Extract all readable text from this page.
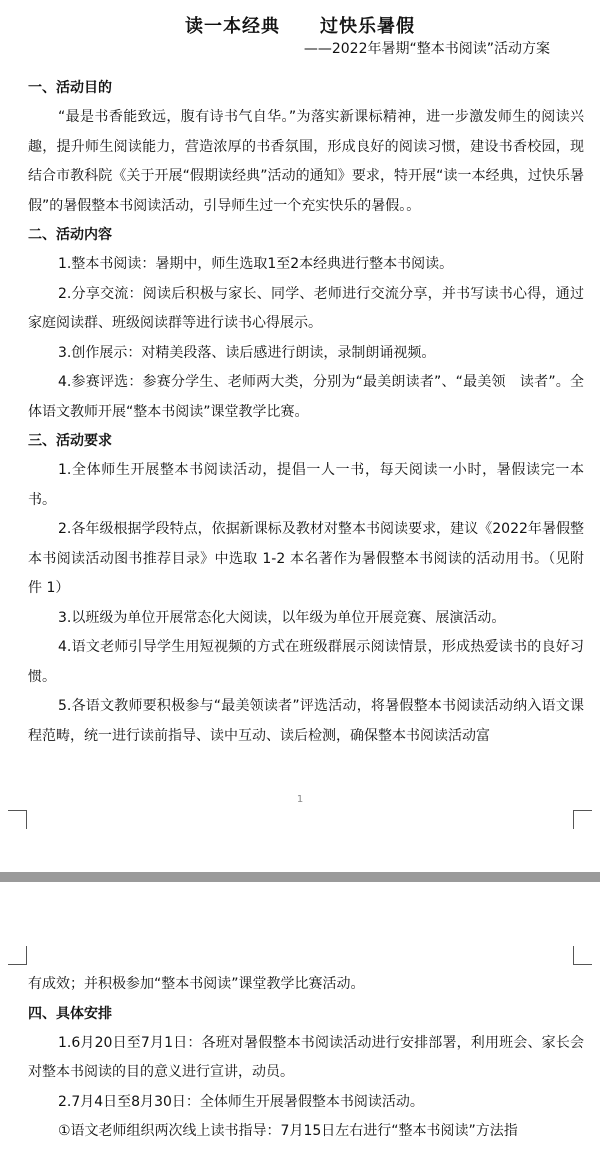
读一本经典 过快乐暑假
——2022年暑期“整本书阅读”活动方案
一、活动目的

“最是书香能致远，腹有诗书气自华。”为落实新课标精神，进一步激发师生的阅读兴趣，提升师生阅读能力，营造浓厚的书香氛围，形成良好的阅读习惯，建设书香校园，现结合市教科院《关于开展“假期读经典”活动的通知》要求，特开展“读一本经典，过快乐暑假”的暑假整本书阅读活动，引导师生过一个充实快乐的暑假。。

二、活动内容

1.整本书阅读：暑期中，师生选取1至2本经典进行整本书阅读。

2.分享交流：阅读后积极与家长、同学、老师进行交流分享，并书写读书心得，通过家庭阅读群、班级阅读群等进行读书心得展示。

3.创作展示：对精美段落、读后感进行朗读，录制朗诵视频。

4.参赛评选：参赛分学生、老师两大类，分别为“最美朗读者”、“最美领　读者”。全体语文教师开展“整本书阅读”课堂教学比赛。

三、活动要求

1.全体师生开展整本书阅读活动，提倡一人一书，每天阅读一小时，暑假读完一本书。

2.各年级根据学段特点，依据新课标及教材对整本书阅读要求，建议《2022年暑假整本书阅读活动图书推荐目录》中选取 1-2 本名著作为暑假整本书阅读的活动用书。（见附件 1）

3.以班级为单位开展常态化大阅读，以年级为单位开展竞赛、展演活动。

4.语文老师引导学生用短视频的方式在班级群展示阅读情景，形成热爱读书的良好习惯。

5.各语文教师要积极参与“最美领读者”评选活动，将暑假整本书阅读活动纳入语文课程范畴，统一进行读前指导、读中互动、读后检测，确保整本书阅读活动富

1

有成效；并积极参加“整本书阅读”课堂教学比赛活动。

四、具体安排

1.6月20日至7月1日：各班对暑假整本书阅读活动进行安排部署，利用班会、家长会对整本书阅读的目的意义进行宣讲，动员。

2.7月4日至8月30日：全体师生开展暑假整本书阅读活动。

①语文老师组织两次线上读书指导：7月15日左右进行“整本书阅读”方法指
